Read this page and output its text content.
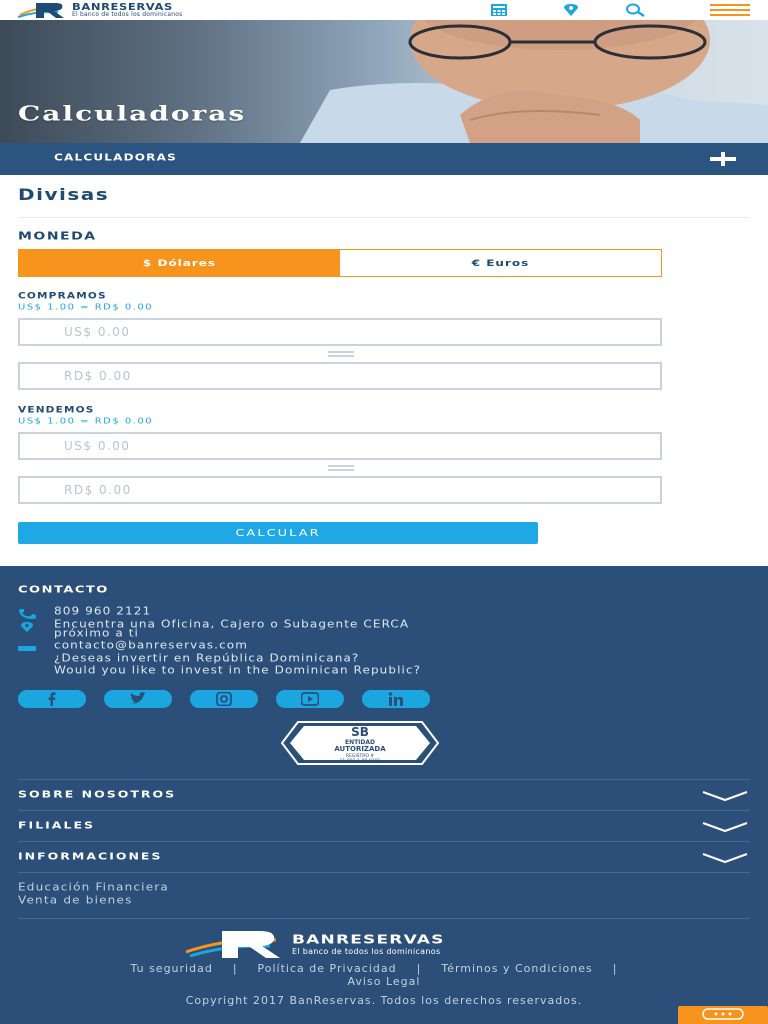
BANRESERVAS
El banco de todos los dominicanos
Calculadoras
CALCULADORAS
Divisas
MONEDA
$ Dólares	€ Euros
COMPRAMOS
US$ 1.00 = RD$ 0.00
US$ 0.00
RD$ 0.00
VENDEMOS
US$ 1.00 = RD$ 0.00
US$ 0.00
RD$ 0.00
CALCULAR
CONTACTO
809 960 2121
Encuentra una Oficina, Cajero o Subagente CERCA
próximo a ti
contacto@banreservas.com
¿Deseas invertir en República Dominicana?
Would you like to invest in the Dominican Republic?
SB
ENTIDAD
AUTORIZADA
REGISTRO #
11-001-1-00-0101
SOBRE NOSOTROS
FILIALES
INFORMACIONES
Educación Financiera
Venta de bienes
BANRESERVAS
El banco de todos los dominicanos
Tu seguridad | Política de Privacidad | Términos y Condiciones |
Aviso Legal
Copyright 2017 BanReservas. Todos los derechos reservados.
